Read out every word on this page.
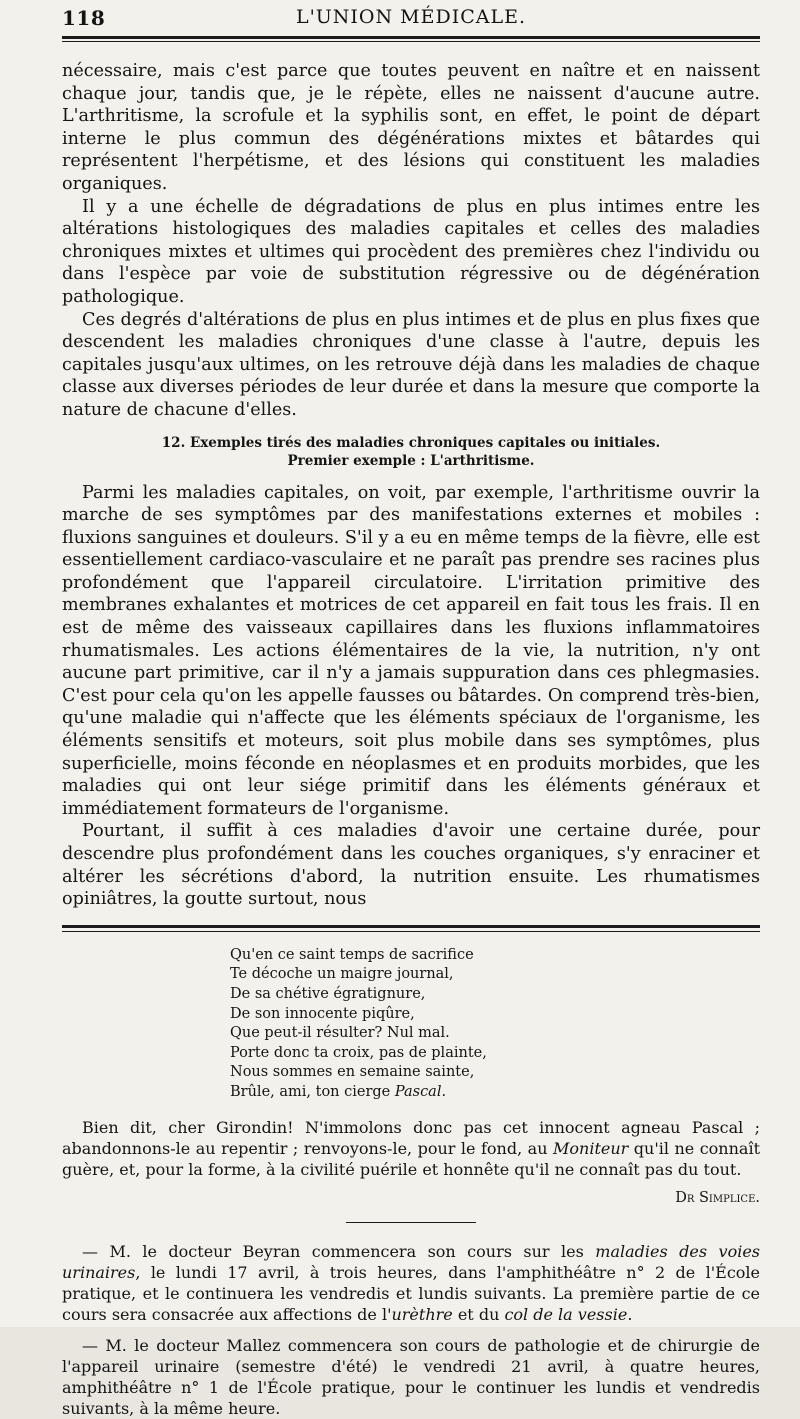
118	L'UNION MÉDICALE.

nécessaire, mais c'est parce que toutes peuvent en naître et en naissent chaque jour, tandis que, je le répète, elles ne naissent d'aucune autre. L'arthritisme, la scrofule et la syphilis sont, en effet, le point de départ interne le plus commun des dégénérations mixtes et bâtardes qui représentent l'herpétisme, et des lésions qui constituent les maladies organiques.

Il y a une échelle de dégradations de plus en plus intimes entre les altérations histologiques des maladies capitales et celles des maladies chroniques mixtes et ultimes qui procèdent des premières chez l'individu ou dans l'espèce par voie de substitution régressive ou de dégénération pathologique.

Ces degrés d'altérations de plus en plus intimes et de plus en plus fixes que descendent les maladies chroniques d'une classe à l'autre, depuis les capitales jusqu'aux ultimes, on les retrouve déjà dans les maladies de chaque classe aux diverses périodes de leur durée et dans la mesure que comporte la nature de chacune d'elles.

12. Exemples tirés des maladies chroniques capitales ou initiales.
Premier exemple : L'arthritisme.

Parmi les maladies capitales, on voit, par exemple, l'arthritisme ouvrir la marche de ses symptômes par des manifestations externes et mobiles : fluxions sanguines et douleurs. S'il y a eu en même temps de la fièvre, elle est essentiellement cardiaco-vasculaire et ne paraît pas prendre ses racines plus profondément que l'appareil circulatoire. L'irritation primitive des membranes exhalantes et motrices de cet appareil en fait tous les frais. Il en est de même des vaisseaux capillaires dans les fluxions inflammatoires rhumatismales. Les actions élémentaires de la vie, la nutrition, n'y ont aucune part primitive, car il n'y a jamais suppuration dans ces phlegmasies. C'est pour cela qu'on les appelle fausses ou bâtardes. On comprend très-bien, qu'une maladie qui n'affecte que les éléments spéciaux de l'organisme, les éléments sensitifs et moteurs, soit plus mobile dans ses symptômes, plus superficielle, moins féconde en néoplasmes et en produits morbides, que les maladies qui ont leur siége primitif dans les éléments généraux et immédiatement formateurs de l'organisme.

Pourtant, il suffit à ces maladies d'avoir une certaine durée, pour descendre plus profondément dans les couches organiques, s'y enraciner et altérer les sécrétions d'abord, la nutrition ensuite. Les rhumatismes opiniâtres, la goutte surtout, nous

Qu'en ce saint temps de sacrifice
Te décoche un maigre journal,
De sa chétive égratignure,
De son innocente piqûre,
Que peut-il résulter? Nul mal.
Porte donc ta croix, pas de plainte,
Nous sommes en semaine sainte,
Brûle, ami, ton cierge Pascal.

Bien dit, cher Girondin! N'immolons donc pas cet innocent agneau Pascal ; abandonnons-le au repentir ; renvoyons-le, pour le fond, au Moniteur qu'il ne connaît guère, et, pour la forme, à la civilité puérile et honnête qu'il ne connaît pas du tout.

Dr Simplice.

— M. le docteur Beyran commencera son cours sur les maladies des voies urinaires, le lundi 17 avril, à trois heures, dans l'amphithéâtre n° 2 de l'École pratique, et le continuera les vendredis et lundis suivants. La première partie de ce cours sera consacrée aux affections de l'urèthre et du col de la vessie.

— M. le docteur Mallez commencera son cours de pathologie et de chirurgie de l'appareil urinaire (semestre d'été) le vendredi 21 avril, à quatre heures, amphithéâtre n° 1 de l'École pratique, pour le continuer les lundis et vendredis suivants, à la même heure.
